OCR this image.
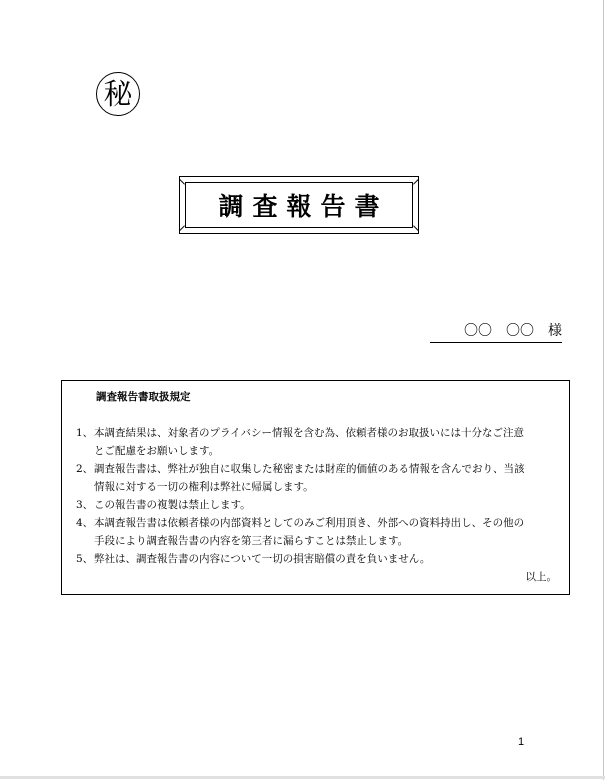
秘
調査報告書
〇〇　〇〇　様
調査報告書取扱規定
1、 本調査結果は、対象者のプライバシー情報を含む為、依頼者様のお取扱いには十分なご注意
とご配慮をお願いします。
2、 調査報告書は、弊社が独自に収集した秘密または財産的価値のある情報を含んでおり、当該
情報に対する一切の権利は弊社に帰属します。
3、 この報告書の複製は禁止します。
4、 本調査報告書は依頼者様の内部資料としてのみご利用頂き、外部への資料持出し、その他の
手段により調査報告書の内容を第三者に漏らすことは禁止します。
5、 弊社は、調査報告書の内容について一切の損害賠償の責を負いません。
以上。
1
